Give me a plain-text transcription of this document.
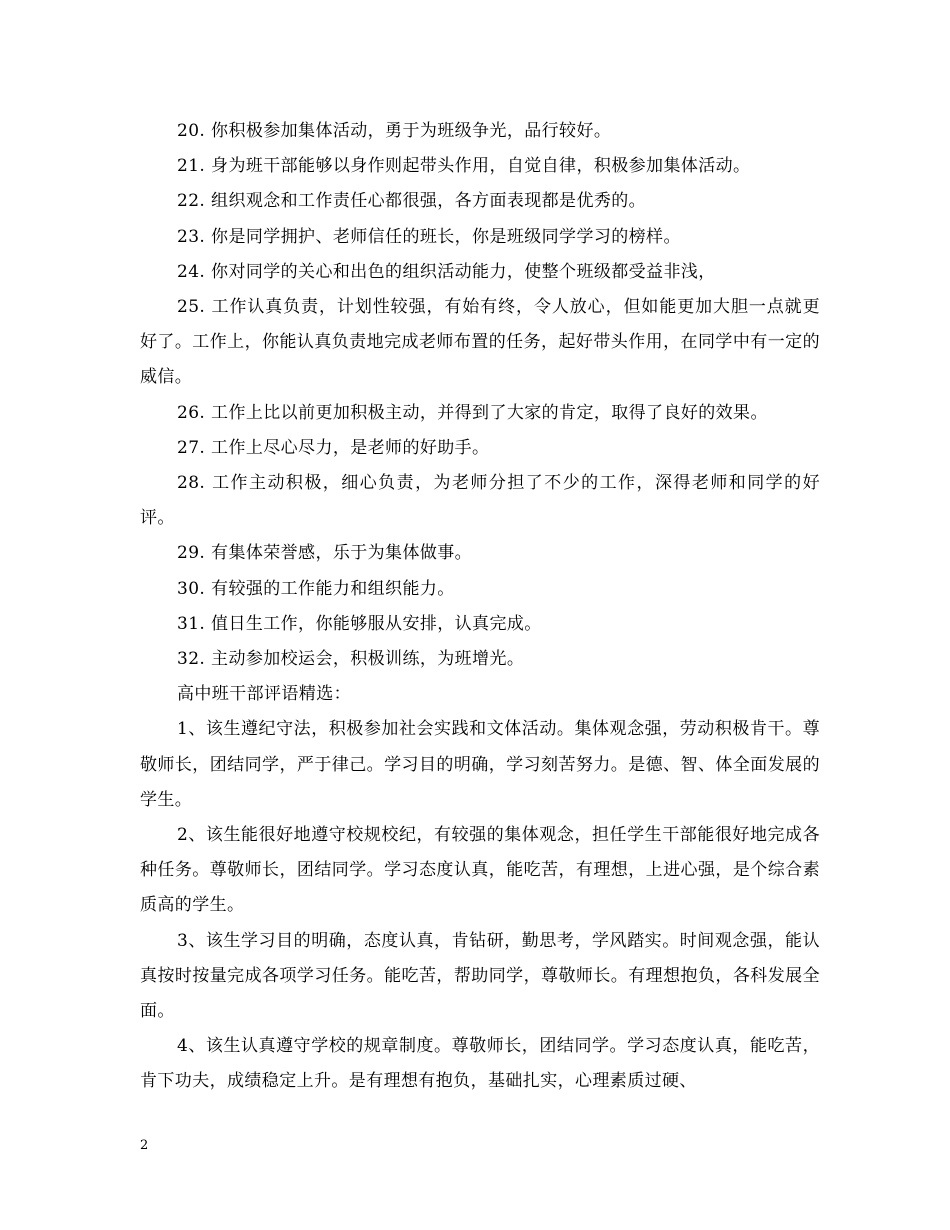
20. 你积极参加集体活动，勇于为班级争光，品行较好。

21. 身为班干部能够以身作则起带头作用，自觉自律，积极参加集体活动。

22. 组织观念和工作责任心都很强，各方面表现都是优秀的。

23. 你是同学拥护、老师信任的班长，你是班级同学学习的榜样。

24. 你对同学的关心和出色的组织活动能力，使整个班级都受益非浅，

25. 工作认真负责，计划性较强，有始有终，令人放心，但如能更加大胆一点就更好了。工作上，你能认真负责地完成老师布置的任务，起好带头作用，在同学中有一定的威信。

26. 工作上比以前更加积极主动，并得到了大家的肯定，取得了良好的效果。

27. 工作上尽心尽力，是老师的好助手。

28. 工作主动积极，细心负责，为老师分担了不少的工作，深得老师和同学的好评。

29. 有集体荣誉感，乐于为集体做事。

30. 有较强的工作能力和组织能力。

31. 值日生工作，你能够服从安排，认真完成。

32. 主动参加校运会，积极训练，为班增光。

高中班干部评语精选：

1、该生遵纪守法，积极参加社会实践和文体活动。集体观念强，劳动积极肯干。尊敬师长，团结同学，严于律己。学习目的明确，学习刻苦努力。是德、智、体全面发展的学生。

2、该生能很好地遵守校规校纪，有较强的集体观念，担任学生干部能很好地完成各种任务。尊敬师长，团结同学。学习态度认真，能吃苦，有理想，上进心强，是个综合素质高的学生。

3、该生学习目的明确，态度认真，肯钻研，勤思考，学风踏实。时间观念强，能认真按时按量完成各项学习任务。能吃苦，帮助同学，尊敬师长。有理想抱负，各科发展全面。

4、该生认真遵守学校的规章制度。尊敬师长，团结同学。学习态度认真，能吃苦，肯下功夫，成绩稳定上升。是有理想有抱负，基础扎实，心理素质过硬、

2
